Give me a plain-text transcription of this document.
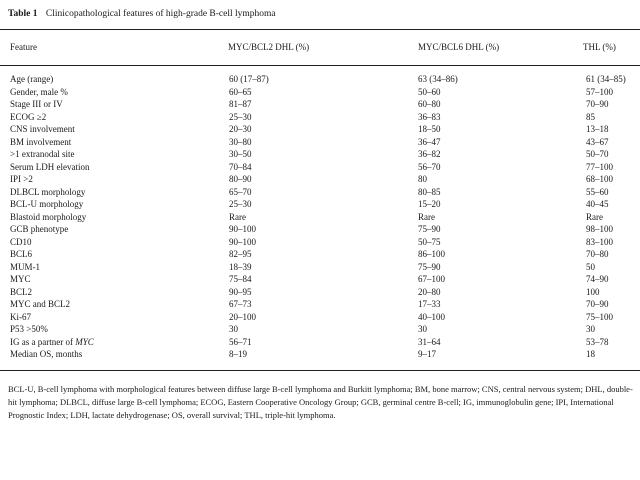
Table 1 Clinicopathological features of high-grade B-cell lymphoma
Feature	MYC/BCL2 DHL (%)	MYC/BCL6 DHL (%)	THL (%)
Age (range)	60 (17–87)	63 (34–86)	61 (34–85)
Gender, male %	60–65	50–60	57–100
Stage III or IV	81–87	60–80	70–90
ECOG ≥2	25–30	36–83	85
CNS involvement	20–30	18–50	13–18
BM involvement	30–80	36–47	43–67
>1 extranodal site	30–50	36–82	50–70
Serum LDH elevation	70–84	56–70	77–100
IPI >2	80–90	80	68–100
DLBCL morphology	65–70	80–85	55–60
BCL-U morphology	25–30	15–20	40–45
Blastoid morphology	Rare	Rare	Rare
GCB phenotype	90–100	75–90	98–100
CD10	90–100	50–75	83–100
BCL6	82–95	86–100	70–80
MUM-1	18–39	75–90	50
MYC	75–84	67–100	74–90
BCL2	90–95	20–80	100
MYC and BCL2	67–73	17–33	70–90
Ki-67	20–100	40–100	75–100
P53 >50%	30	30	30
IG as a partner of MYC	56–71	31–64	53–78
Median OS, months	8–19	9–17	18

BCL-U, B-cell lymphoma with morphological features between diffuse large B-cell lymphoma and Burkitt lymphoma; BM, bone marrow; CNS, central nervous system; DHL, double-hit lymphoma; DLBCL, diffuse large B-cell lymphoma; ECOG, Eastern Cooperative Oncology Group; GCB, germinal centre B-cell; IG, immunoglobulin gene; IPI, International Prognostic Index; LDH, lactate dehydrogenase; OS, overall survival; THL, triple-hit lymphoma.
